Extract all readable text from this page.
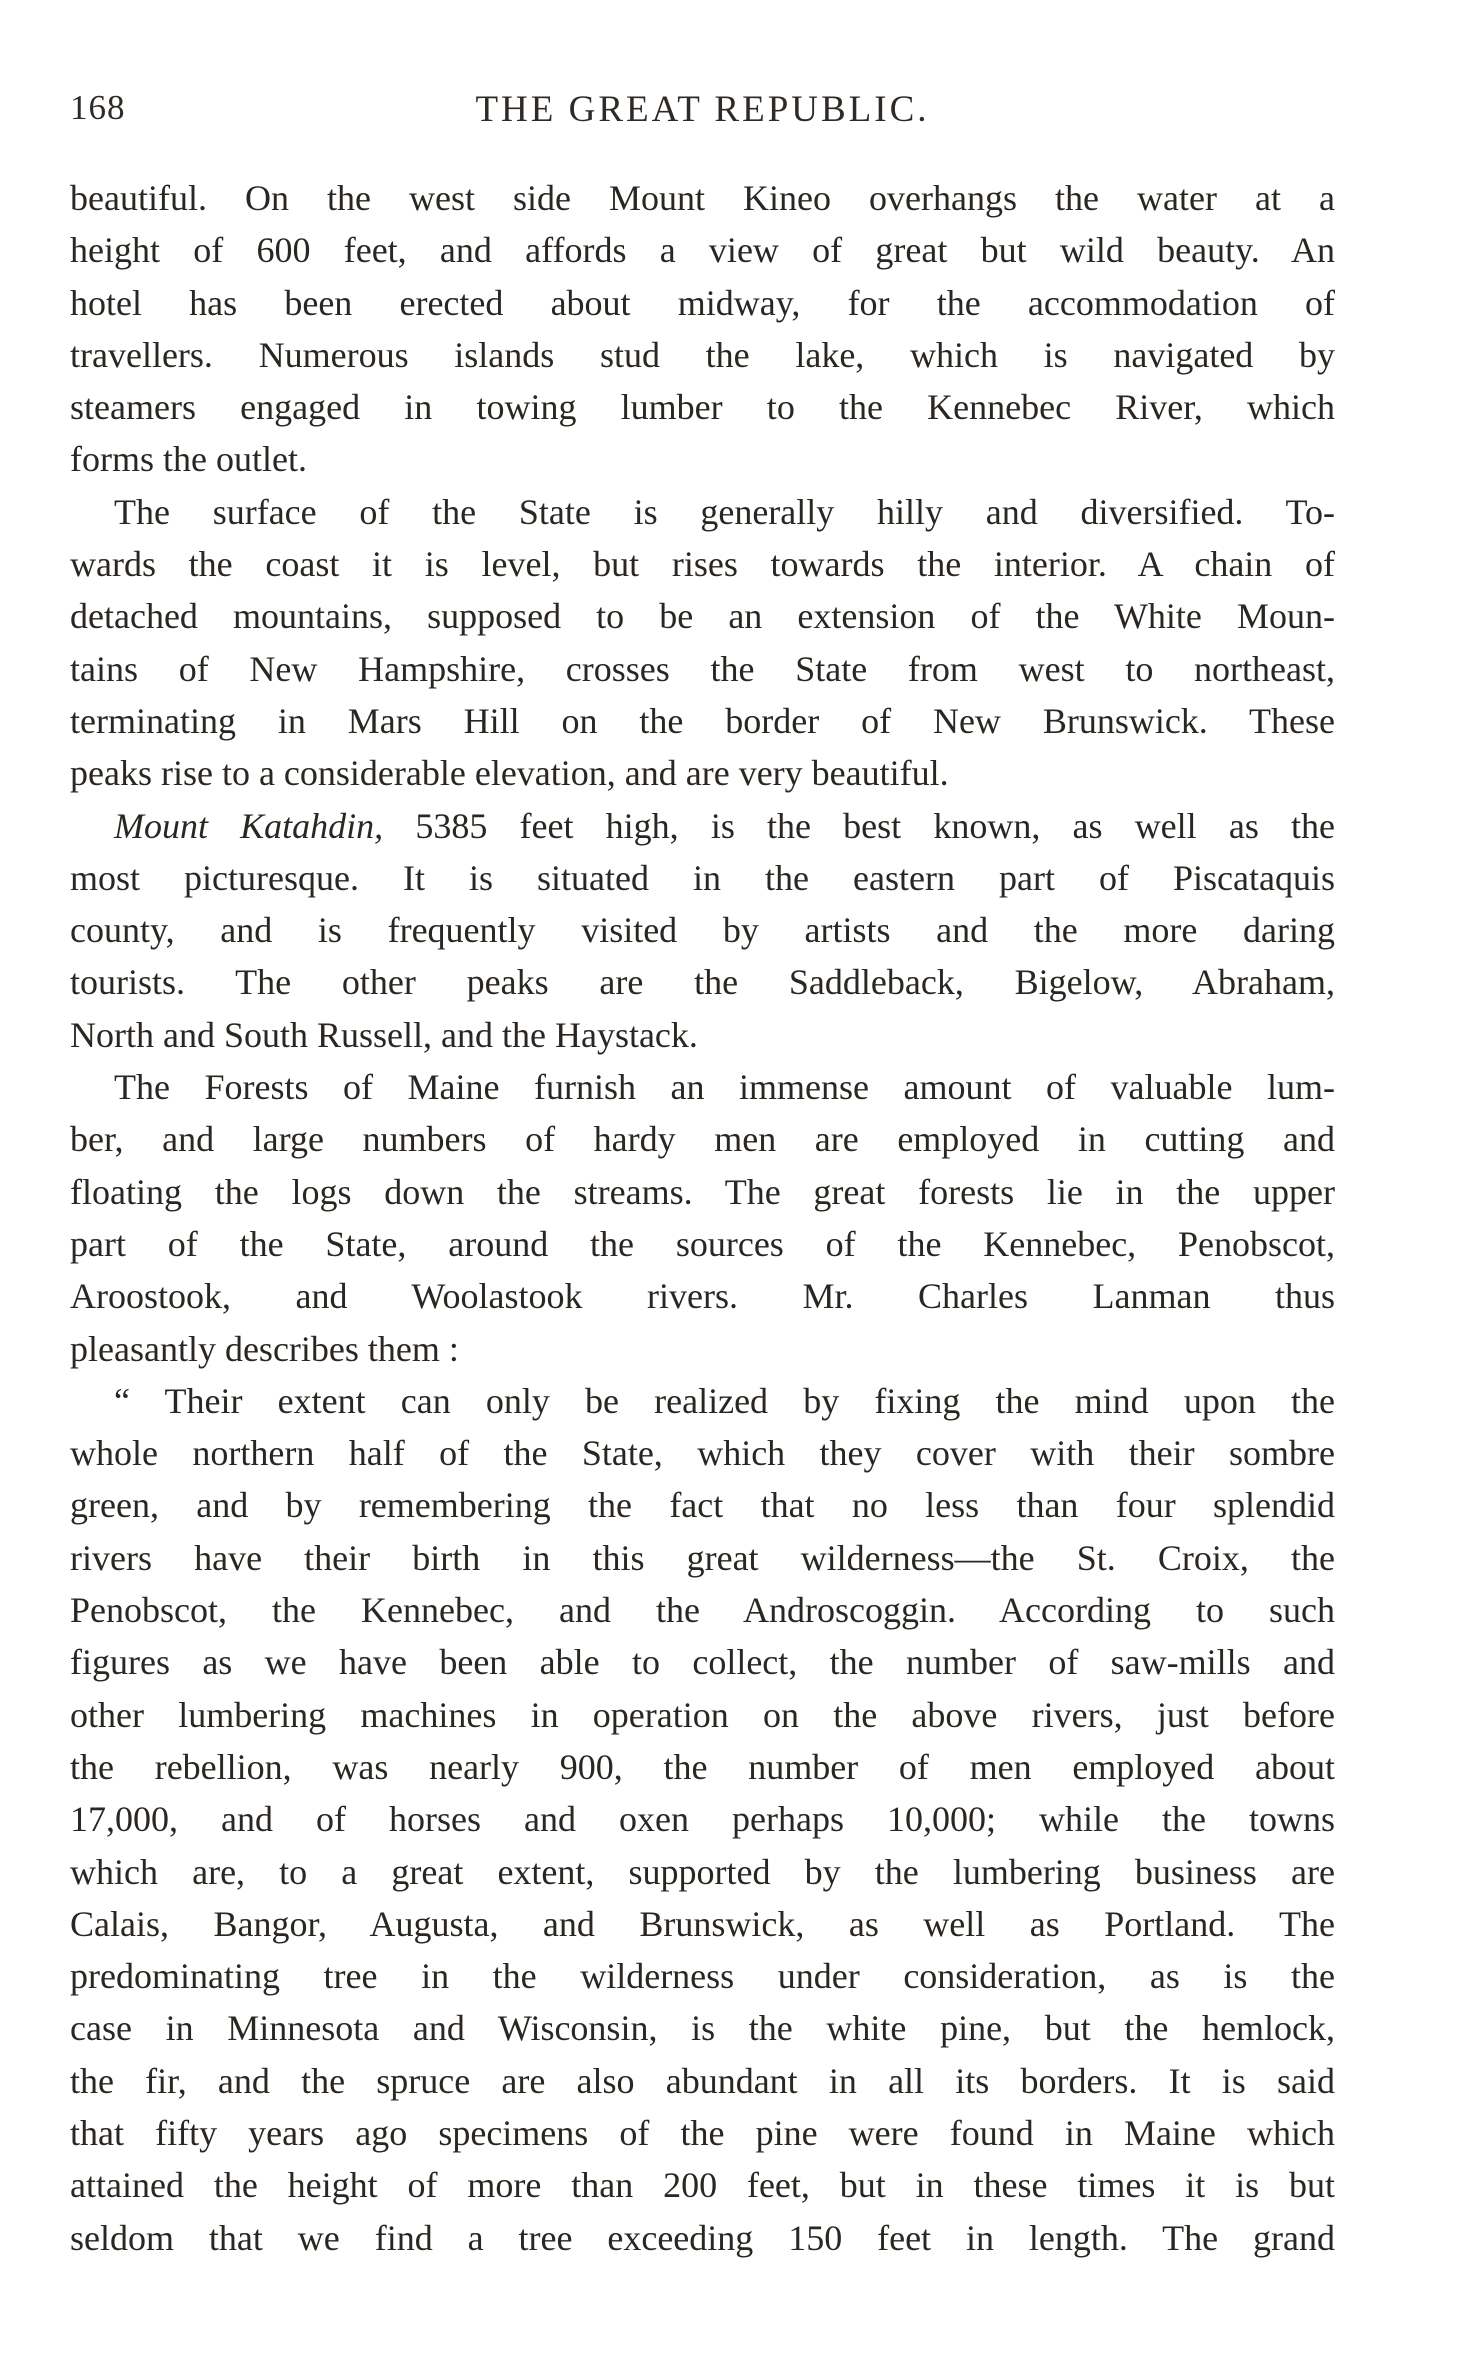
168	THE GREAT REPUBLIC.
beautiful. On the west side Mount Kineo overhangs the water at a
height of 600 feet, and affords a view of great but wild beauty. An
hotel has been erected about midway, for the accommodation of
travellers. Numerous islands stud the lake, which is navigated by
steamers engaged in towing lumber to the Kennebec River, which
forms the outlet.
The surface of the State is generally hilly and diversified. To-
wards the coast it is level, but rises towards the interior. A chain of
detached mountains, supposed to be an extension of the White Moun-
tains of New Hampshire, crosses the State from west to northeast,
terminating in Mars Hill on the border of New Brunswick. These
peaks rise to a considerable elevation, and are very beautiful.
Mount Katahdin, 5385 feet high, is the best known, as well as the
most picturesque. It is situated in the eastern part of Piscataquis
county, and is frequently visited by artists and the more daring
tourists. The other peaks are the Saddleback, Bigelow, Abraham,
North and South Russell, and the Haystack.
The Forests of Maine furnish an immense amount of valuable lum-
ber, and large numbers of hardy men are employed in cutting and
floating the logs down the streams. The great forests lie in the upper
part of the State, around the sources of the Kennebec, Penobscot,
Aroostook, and Woolastook rivers. Mr. Charles Lanman thus
pleasantly describes them :
“ Their extent can only be realized by fixing the mind upon the
whole northern half of the State, which they cover with their sombre
green, and by remembering the fact that no less than four splendid
rivers have their birth in this great wilderness—the St. Croix, the
Penobscot, the Kennebec, and the Androscoggin. According to such
figures as we have been able to collect, the number of saw-mills and
other lumbering machines in operation on the above rivers, just before
the rebellion, was nearly 900, the number of men employed about
17,000, and of horses and oxen perhaps 10,000; while the towns
which are, to a great extent, supported by the lumbering business are
Calais, Bangor, Augusta, and Brunswick, as well as Portland. The
predominating tree in the wilderness under consideration, as is the
case in Minnesota and Wisconsin, is the white pine, but the hemlock,
the fir, and the spruce are also abundant in all its borders. It is said
that fifty years ago specimens of the pine were found in Maine which
attained the height of more than 200 feet, but in these times it is but
seldom that we find a tree exceeding 150 feet in length. The grand
